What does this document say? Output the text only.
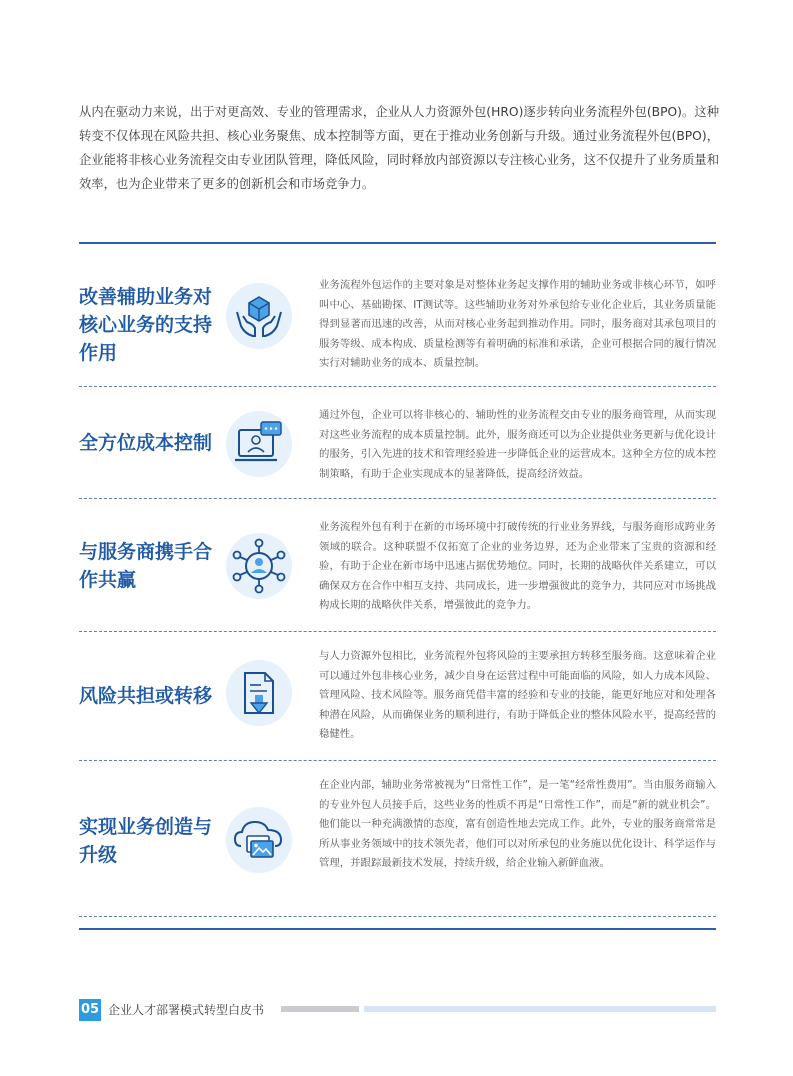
从内在驱动力来说，出于对更高效、专业的管理需求，企业从人力资源外包(HRO)逐步转向业务流程外包(BPO)。这种转变不仅体现在风险共担、核心业务聚焦、成本控制等方面，更在于推动业务创新与升级。通过业务流程外包(BPO)，企业能将非核心业务流程交由专业团队管理，降低风险，同时释放内部资源以专注核心业务，这不仅提升了业务质量和效率，也为企业带来了更多的创新机会和市场竞争力。
改善辅助业务对核心业务的支持作用
业务流程外包运作的主要对象是对整体业务起支撑作用的辅助业务或非核心环节，如呼叫中心、基础勘探、IT测试等。这些辅助业务对外承包给专业化企业后，其业务质量能得到显著而迅速的改善，从而对核心业务起到推动作用。同时，服务商对其承包项目的服务等级、成本构成、质量检测等有着明确的标准和承诺，企业可根据合同的履行情况实行对辅助业务的成本、质量控制。
全方位成本控制
通过外包，企业可以将非核心的、辅助性的业务流程交由专业的服务商管理，从而实现对这些业务流程的成本质量控制。此外，服务商还可以为企业提供业务更新与优化设计的服务，引入先进的技术和管理经验进一步降低企业的运营成本。这种全方位的成本控制策略，有助于企业实现成本的显著降低，提高经济效益。
与服务商携手合作共赢
业务流程外包有利于在新的市场环境中打破传统的行业业务界线，与服务商形成跨业务领域的联合。这种联盟不仅拓宽了企业的业务边界，还为企业带来了宝贵的资源和经验，有助于企业在新市场中迅速占据优势地位。同时，长期的战略伙伴关系建立，可以确保双方在合作中相互支持、共同成长，进一步增强彼此的竞争力，共同应对市场挑战构成长期的战略伙伴关系，增强彼此的竞争力。
风险共担或转移
与人力资源外包相比，业务流程外包将风险的主要承担方转移至服务商。这意味着企业可以通过外包非核心业务，减少自身在运营过程中可能面临的风险，如人力成本风险、管理风险、技术风险等。服务商凭借丰富的经验和专业的技能，能更好地应对和处理各种潜在风险，从而确保业务的顺利进行，有助于降低企业的整体风险水平，提高经营的稳健性。
实现业务创造与升级
在企业内部，辅助业务常被视为“日常性工作”，是一笔“经常性费用”。当由服务商输入的专业外包人员接手后，这些业务的性质不再是“日常性工作”，而是“新的就业机会”。他们能以一种充满激情的态度，富有创造性地去完成工作。此外，专业的服务商常常是所从事业务领域中的技术领先者，他们可以对所承包的业务施以优化设计、科学运作与管理，并跟踪最新技术发展，持续升级，给企业输入新鲜血液。
05 企业人才部署模式转型白皮书
